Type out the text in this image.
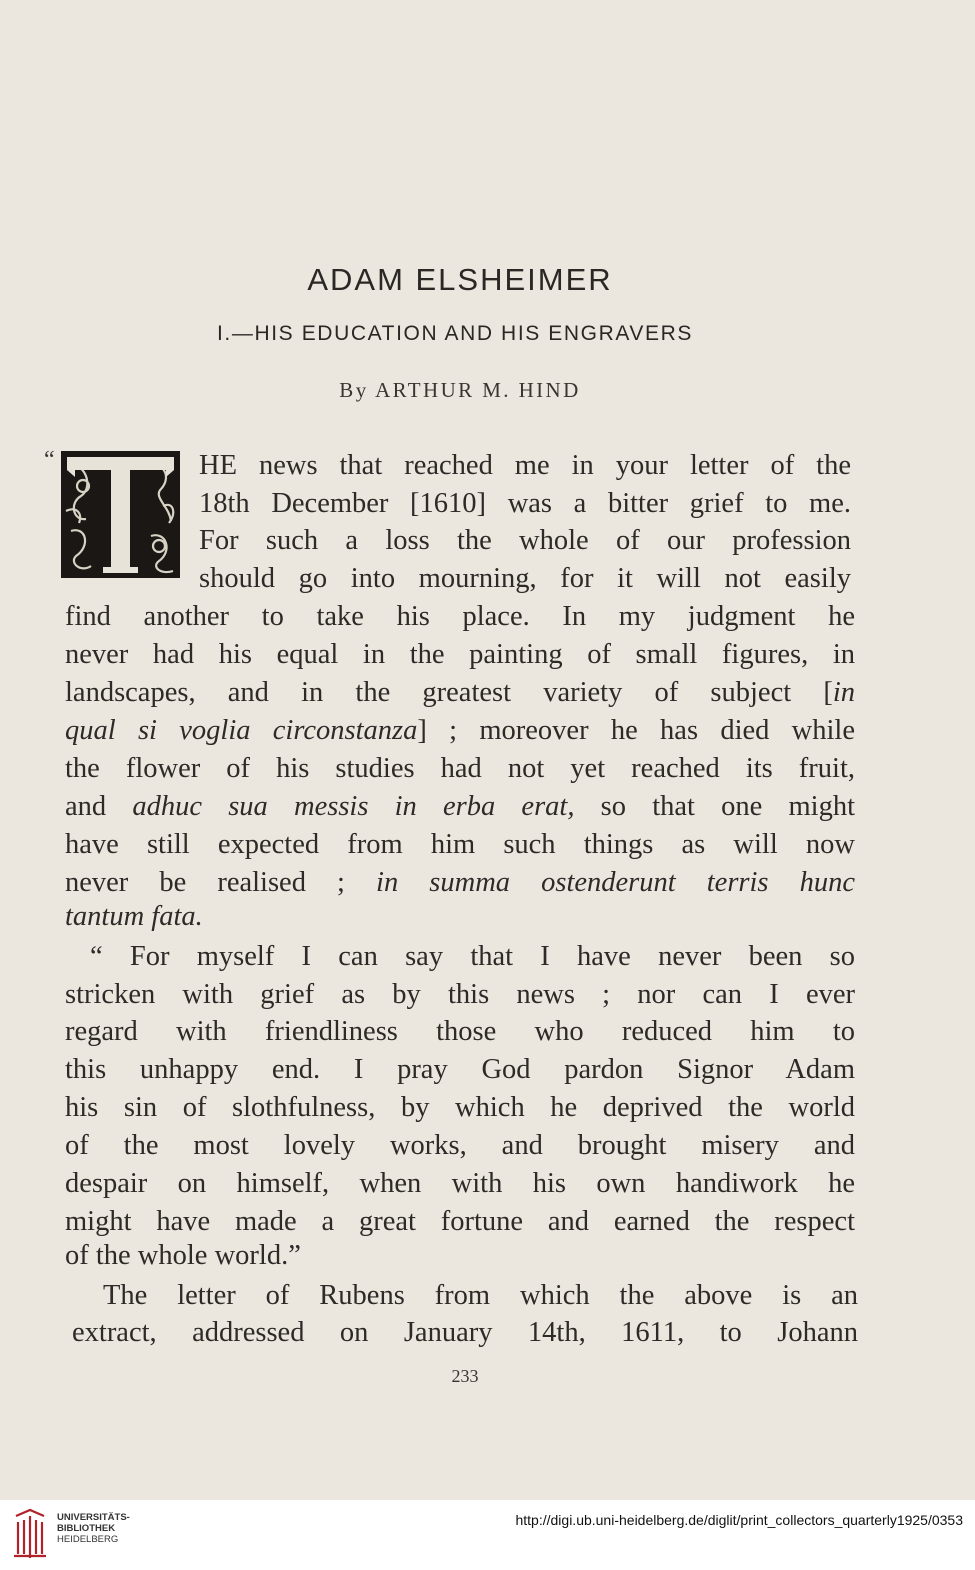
ADAM ELSHEIMER
I.—HIS EDUCATION AND HIS ENGRAVERS
By ARTHUR M. HIND
“	HE news that reached me in your letter of the
18th December [1610] was a bitter grief to me.
For such a loss the whole of our profession
should go into mourning, for it will not easily
find another to take his place. In my judgment he
never had his equal in the painting of small figures, in
landscapes, and in the greatest variety of subject [in
qual si voglia circonstanza] ; moreover he has died while
the flower of his studies had not yet reached its fruit,
and adhuc sua messis in erba erat, so that one might
have still expected from him such things as will now
never be realised ; in summa ostenderunt terris hunc
tantum fata.
“ For myself I can say that I have never been so
stricken with grief as by this news ; nor can I ever
regard with friendliness those who reduced him to
this unhappy end. I pray God pardon Signor Adam
his sin of slothfulness, by which he deprived the world
of the most lovely works, and brought misery and
despair on himself, when with his own handiwork he
might have made a great fortune and earned the respect
of the whole world.”
The letter of Rubens from which the above is an
extract, addressed on January 14th, 1611, to Johann
233
UNIVERSITÄTS-
BIBLIOTHEK
HEIDELBERG
http://digi.ub.uni-heidelberg.de/diglit/print_collectors_quarterly1925/0353
